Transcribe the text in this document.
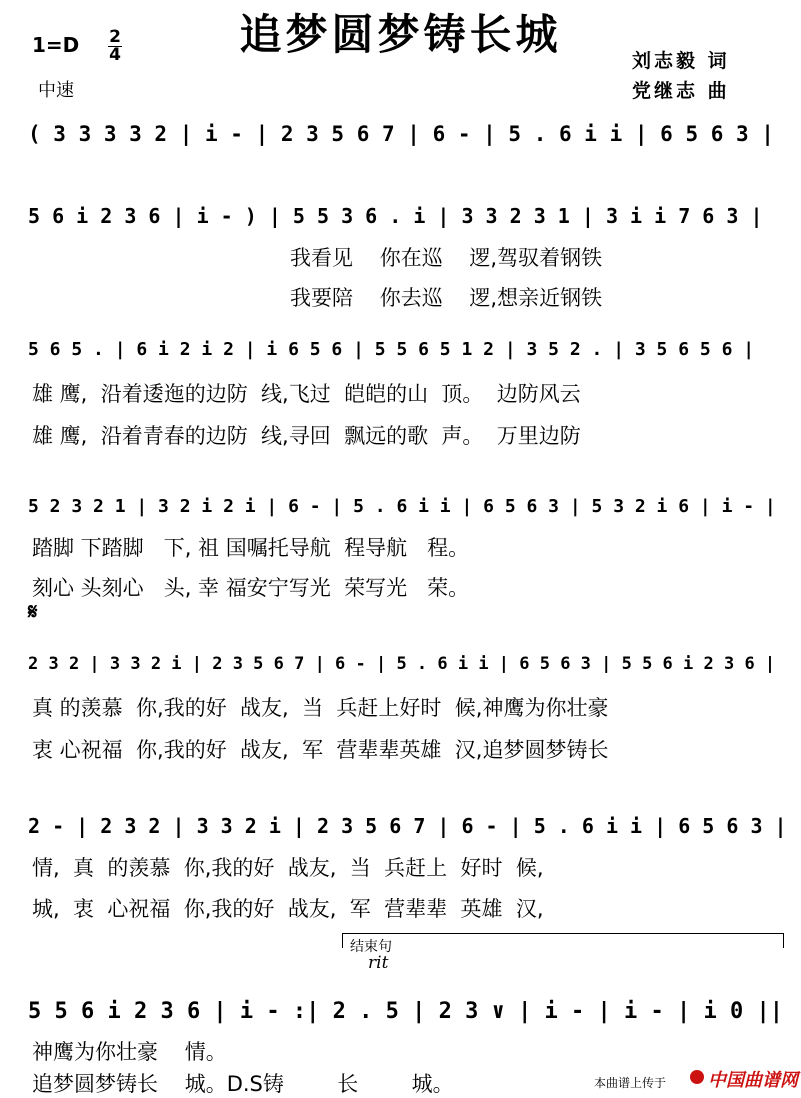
追梦圆梦铸长城
1=D 2
4
中速
刘志毅 词
党继志 曲

( 3 3 3 3 2 | i - | 2 3 5 6 7 | 6 - | 5 . 6 i i | 6 5 6 3 |

5 6 i 2 3 6 | i - ) | 5 5 3 6 . i | 3 3 2 3 1 | 3 i i 7 6 3 |

5 6 5 . | 6 i 2 i 2 | i 6 5 6 | 5 5 6 5 1 2 | 3 5 2 . | 3 5 6 5 6 |

5 2 3 2 1 | 3 2 i 2 i | 6 - | 5 . 6 i i | 6 5 6 3 | 5 3 2 i 6 | i - |

𝄋

2 3 2 | 3 3 2 i | 2 3 5 6 7 | 6 - | 5 . 6 i i | 6 5 6 3 | 5 5 6 i 2 3 6 |

2 - | 2 3 2 | 3 3 2 i | 2 3 5 6 7 | 6 - | 5 . 6 i i | 6 5 6 3 |

结束句
rit

5 5 6 i 2 3 6 | i - :| 2 . 5 | 2 3 ∨ | i - | i - | i 0 ||

我看见    你在巡    逻,驾驭着钢铁
我要陪    你去巡    逻,想亲近钢铁
雄 鹰,  沿着逶迤的边防  线,飞过  皑皑的山  顶。  边防风云
雄 鹰,  沿着青春的边防  线,寻回  飘远的歌  声。  万里边防
踏脚 下踏脚   下, 祖 国嘱托导航  程导航   程。
刻心 头刻心   头, 幸 福安宁写光  荣写光   荣。
真 的羡慕  你,我的好  战友,  当  兵赶上好时  候,神鹰为你壮豪
衷 心祝福  你,我的好  战友,  军  营辈辈英雄  汉,追梦圆梦铸长
情,  真  的羡慕  你,我的好  战友,  当  兵赶上  好时  候,
城,  衷  心祝福  你,我的好  战友,  军  营辈辈  英雄  汉,
神鹰为你壮豪    情。
追梦圆梦铸长    城。D.S铸        长        城。	本曲谱上传于 中国曲谱网
